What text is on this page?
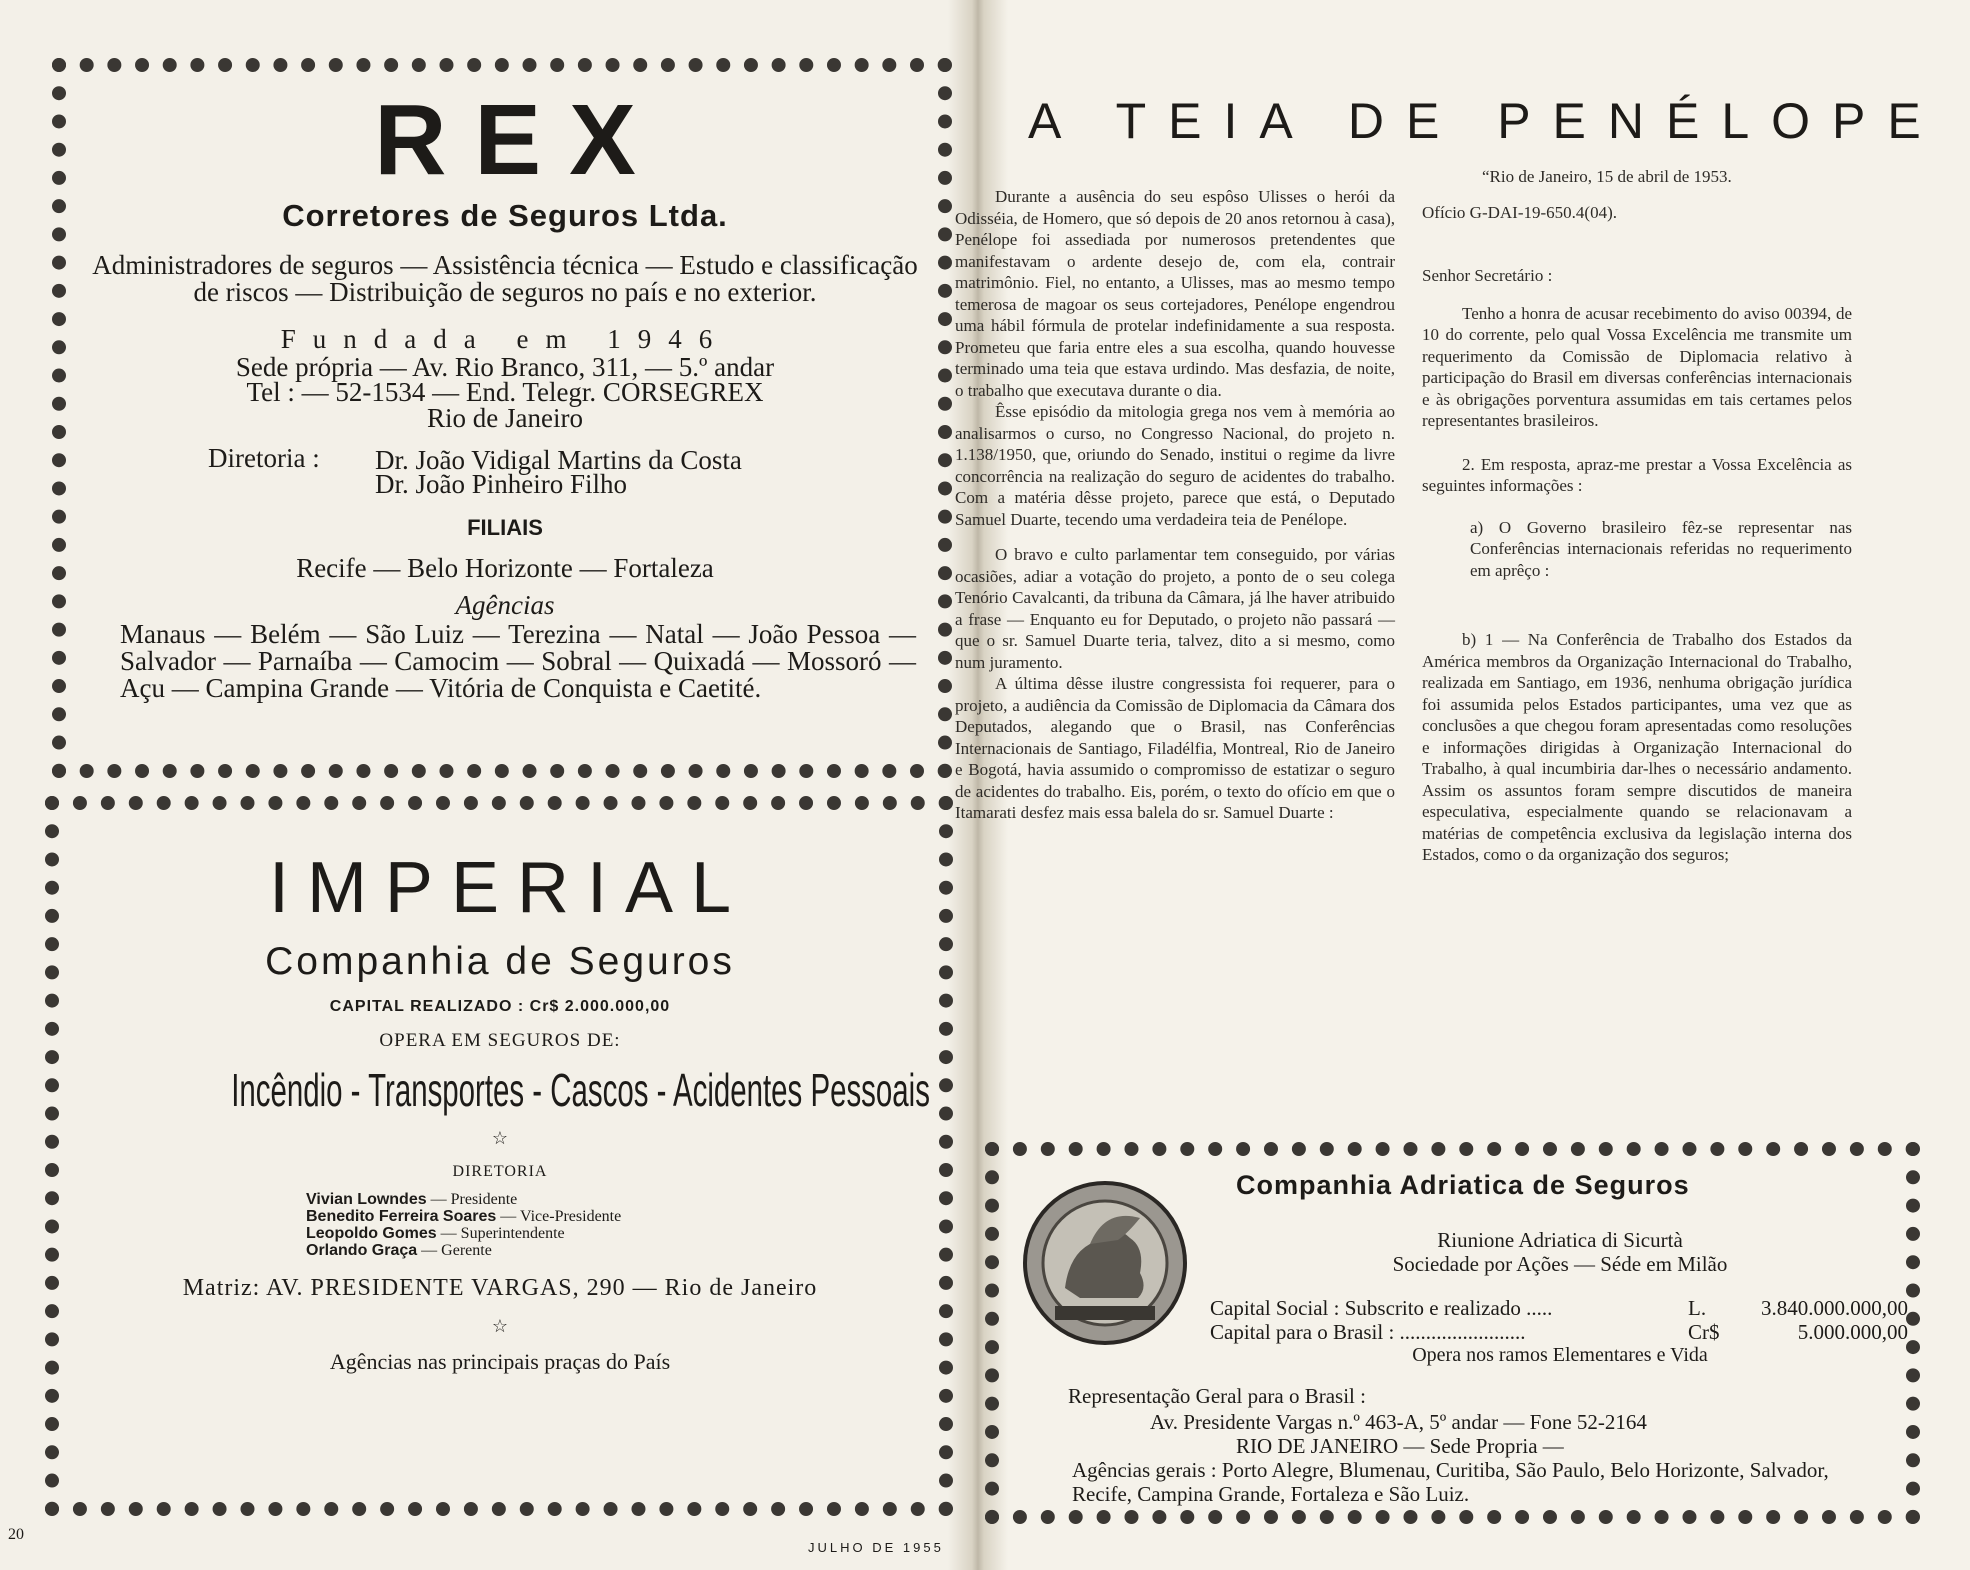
REX
Corretores de Seguros Ltda.
Administradores de seguros — Assistência técnica — Estudo e classificação de riscos — Distribuição de seguros no país e no exterior.
Fundada em 1946
Sede própria — Av. Rio Branco, 311, — 5.º andar
Tel : — 52-1534 — End. Telegr. CORSEGREX
Rio de Janeiro
Diretoria : Dr. João Vidigal Martins da Costa
Dr. João Pinheiro Filho
FILIAIS
Recife — Belo Horizonte — Fortaleza
Agências
Manaus — Belém — São Luiz — Terezina — Natal — João Pessoa — Salvador — Parnaíba — Camocim — Sobral — Quixadá — Mossoró — Açu — Campina Grande — Vitória de Conquista e Caetité.
IMPERIAL
Companhia de Seguros
CAPITAL REALIZADO : Cr$ 2.000.000,00
OPERA EM SEGUROS DE:
Incêndio - Transportes - Cascos - Acidentes Pessoais
☆
DIRETORIA
Vivian Lowndes — Presidente
Benedito Ferreira Soares — Vice-Presidente
Leopoldo Gomes — Superintendente
Orlando Graça — Gerente
Matriz: AV. PRESIDENTE VARGAS, 290 — Rio de Janeiro
☆
Agências nas principais praças do País
20
JULHO DE 1955
A TEIA DE PENÉLOPE

Durante a ausência do seu espôso Ulisses o herói da Odisséia, de Homero, que só depois de 20 anos retornou à casa), Penélope foi assediada por numerosos pretendentes que manifestavam o ardente desejo de, com ela, contrair matrimônio. Fiel, no entanto, a Ulisses, mas ao mesmo tempo temerosa de magoar os seus cortejadores, Penélope engendrou uma hábil fórmula de protelar indefinidamente a sua resposta. Prometeu que faria entre eles a sua escolha, quando houvesse terminado uma teia que estava urdindo. Mas desfazia, de noite, o trabalho que executava durante o dia.

Êsse episódio da mitologia grega nos vem à memória ao analisarmos o curso, no Congresso Nacional, do projeto n. 1.138/1950, que, oriundo do Senado, institui o regime da livre concorrência na realização do seguro de acidentes do trabalho. Com a matéria dêsse projeto, parece que está, o Deputado Samuel Duarte, tecendo uma verdadeira teia de Penélope.

O bravo e culto parlamentar tem conseguido, por várias ocasiões, adiar a votação do projeto, a ponto de o seu colega Tenório Cavalcanti, da tribuna da Câmara, já lhe haver atribuido a frase — Enquanto eu for Deputado, o projeto não passará — que o sr. Samuel Duarte teria, talvez, dito a si mesmo, como num juramento.

A última dêsse ilustre congressista foi requerer, para o projeto, a audiência da Comissão de Diplomacia da Câmara dos Deputados, alegando que o Brasil, nas Conferências Internacionais de Santiago, Filadélfia, Montreal, Rio de Janeiro e Bogotá, havia assumido o compromisso de estatizar o seguro de acidentes do trabalho. Eis, porém, o texto do ofício em que o Itamarati desfez mais essa balela do sr. Samuel Duarte :

“Rio de Janeiro, 15 de abril de 1953.

Ofício G-DAI-19-650.4(04).

Senhor Secretário :

Tenho a honra de acusar recebimento do aviso 00394, de 10 do corrente, pelo qual Vossa Excelência me transmite um requerimento da Comissão de Diplomacia relativo à participação do Brasil em diversas conferências internacionais e às obrigações porventura assumidas em tais certames pelos representantes brasileiros.

2. Em resposta, apraz-me prestar a Vossa Excelência as seguintes informações :

a) O Governo brasileiro fêz-se representar nas Conferências internacionais referidas no requerimento em aprêço :

b) 1 — Na Conferência de Trabalho dos Estados da América membros da Organização Internacional do Trabalho, realizada em Santiago, em 1936, nenhuma obrigação jurídica foi assumida pelos Estados participantes, uma vez que as conclusões a que chegou foram apresentadas como resoluções e informações dirigidas à Organização Internacional do Trabalho, à qual incumbiria dar-lhes o necessário andamento. Assim os assuntos foram sempre discutidos de maneira especulativa, especialmente quando se relacionavam a matérias de competência exclusiva da legislação interna dos Estados, como o da organização dos seguros;

Companhia Adriatica de Seguros
Riunione Adriatica di Sicurtà
Sociedade por Ações — Séde em Milão
Capital Social : Subscrito e realizado .....	L.	3.840.000.000,00
Capital para o Brasil : ........................	Cr$	5.000.000,00
Opera nos ramos Elementares e Vida
Representação Geral para o Brasil :
Av. Presidente Vargas n.º 463-A, 5º andar — Fone 52-2164
RIO DE JANEIRO — Sede Propria —
Agências gerais : Porto Alegre, Blumenau, Curitiba, São Paulo, Belo Horizonte, Salvador, Recife, Campina Grande, Fortaleza e São Luiz.
